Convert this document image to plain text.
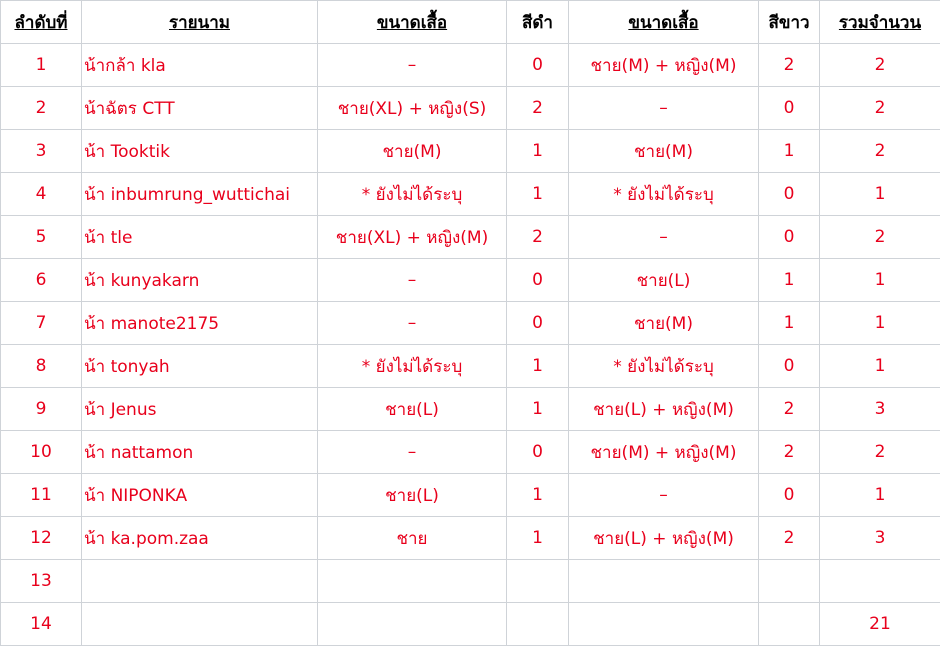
ลำดับที่	รายนาม	ขนาดเสื้อ	สีดำ	ขนาดเสื้อ	สีขาว	รวมจำนวน
1	น้ากล้า kla	–	0	ชาย(M) + หญิง(M)	2	2
2	น้าฉัตร CTT	ชาย(XL) + หญิง(S)	2	–	0	2
3	น้า Tooktik	ชาย(M)	1	ชาย(M)	1	2
4	น้า inbumrung_wuttichai	* ยังไม่ได้ระบุ	1	* ยังไม่ได้ระบุ	0	1
5	น้า tle	ชาย(XL) + หญิง(M)	2	–	0	2
6	น้า kunyakarn	–	0	ชาย(L)	1	1
7	น้า manote2175	–	0	ชาย(M)	1	1
8	น้า tonyah	* ยังไม่ได้ระบุ	1	* ยังไม่ได้ระบุ	0	1
9	น้า Jenus	ชาย(L)	1	ชาย(L) + หญิง(M)	2	3
10	น้า nattamon	–	0	ชาย(M) + หญิง(M)	2	2
11	น้า NIPONKA	ชาย(L)	1	–	0	1
12	น้า ka.pom.zaa	ชาย	1	ชาย(L) + หญิง(M)	2	3
13						
14						21
